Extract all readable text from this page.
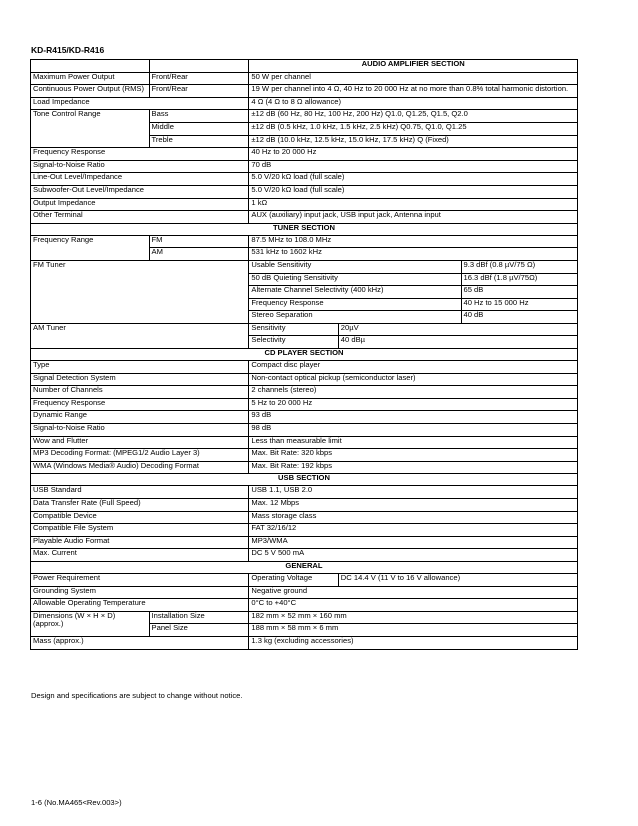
KD-R415/KD-R416
		AUDIO AMPLIFIER SECTION		
Maximum Power Output	Front/Rear	50 W per channel		
Continuous Power Output (RMS)	Front/Rear	19 W per channel into 4 Ω, 40 Hz to 20 000 Hz at no more than 0.8% total harmonic distortion.		
Load Impedance		4 Ω (4 Ω to 8 Ω allowance)		
Tone Control Range	Bass	±12 dB (60 Hz, 80 Hz, 100 Hz, 200 Hz) Q1.0, Q1.25, Q1.5, Q2.0		
	Middle	±12 dB (0.5 kHz, 1.0 kHz, 1.5 kHz, 2.5 kHz) Q0.75, Q1.0, Q1.25		
	Treble	±12 dB (10.0 kHz, 12.5 kHz, 15.0 kHz, 17.5 kHz) Q (Fixed)		
Frequency Response		40 Hz to 20 000 Hz		
Signal-to-Noise Ratio		70 dB		
Line-Out Level/Impedance		5.0 V/20 kΩ load (full scale)		
Subwoofer-Out Level/Impedance		5.0 V/20 kΩ load (full scale)		
Output Impedance		1 kΩ		
Other Terminal		AUX (auxiliary) input jack, USB input jack, Antenna input		
TUNER SECTION				
Frequency Range	FM	87.5 MHz to 108.0 MHz		
	AM	531 kHz to 1602 kHz		
FM Tuner		Usable Sensitivity		9.3 dBf (0.8 µV/75 Ω)
		50 dB Quieting Sensitivity		16.3 dBf (1.8 µV/75Ω)
		Alternate Channel Selectivity (400 kHz)		65 dB
		Frequency Response		40 Hz to 15 000 Hz
		Stereo Separation		40 dB
AM Tuner		Sensitivity	20µV	
		Selectivity	40 dBµ	
CD PLAYER SECTION				
Type		Compact disc player		
Signal Detection System		Non-contact optical pickup (semiconductor laser)		
Number of Channels		2 channels (stereo)		
Frequency Response		5 Hz to 20 000 Hz		
Dynamic Range		93 dB		
Signal-to-Noise Ratio		98 dB		
Wow and Flutter		Less than measurable limit		
MP3 Decoding Format: (MPEG1/2 Audio Layer 3)		Max. Bit Rate: 320 kbps		
WMA (Windows Media® Audio) Decoding Format		Max. Bit Rate: 192 kbps		
USB SECTION				
USB Standard		USB 1.1, USB 2.0		
Data Transfer Rate (Full Speed)		Max. 12 Mbps		
Compatible Device		Mass storage class		
Compatible File System		FAT 32/16/12		
Playable Audio Format		MP3/WMA		
Max. Current		DC 5 V 500 mA		
GENERAL				
Power Requirement		Operating Voltage	DC 14.4 V (11 V to 16 V allowance)	
Grounding System		Negative ground		
Allowable Operating Temperature		0°C to +40°C		
Dimensions (W × H × D) (approx.)	Installation Size	182 mm × 52 mm × 160 mm		
	Panel Size	188 mm × 58 mm × 6 mm		
Mass (approx.)		1.3 kg (excluding accessories)		
Design and specifications are subject to change without notice.
1-6 (No.MA465<Rev.003>)
